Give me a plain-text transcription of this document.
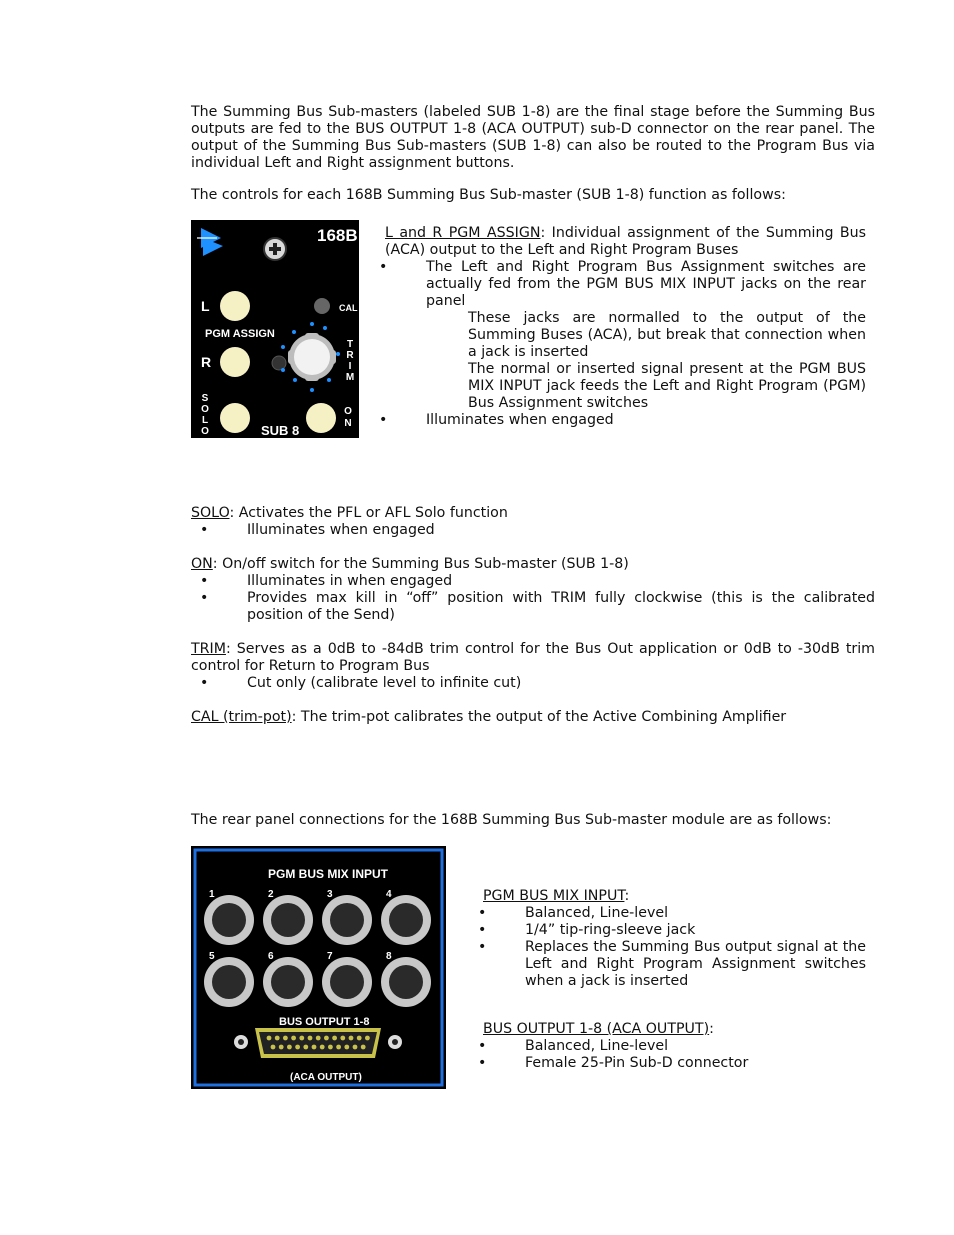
The Summing Bus Sub-masters (labeled SUB 1-8) are the final stage before the Summing Bus outputs are fed to the BUS OUTPUT 1-8 (ACA OUTPUT) sub-D connector on the rear panel. The output of the Summing Bus Sub-masters (SUB 1-8) can also be routed to the Program Bus via individual Left and Right assignment buttons.

The controls for each 168B Summing Bus Sub-master (SUB 1-8) function as follows:

168B
L
R
PGM ASSIGN
CAL
T
R
I
M
S
O
L
O
O
N
SUB 8
L and R PGM ASSIGN: Individual assignment of the Summing Bus (ACA) output to the Left and Right Program Buses
• The Left and Right Program Bus Assignment switches are actually fed from the PGM BUS MIX INPUT jacks on the rear panel
These jacks are normalled to the output of the Summing Buses (ACA), but break that connection when a jack is inserted
The normal or inserted signal present at the PGM BUS MIX INPUT jack feeds the Left and Right Program (PGM) Bus Assignment switches
• Illuminates when engaged
SOLO: Activates the PFL or AFL Solo function
• Illuminates when engaged
ON: On/off switch for the Summing Bus Sub-master (SUB 1-8)
• Illuminates in when engaged
• Provides max kill in “off” position with TRIM fully clockwise (this is the calibrated position of the Send)
TRIM: Serves as a 0dB to -84dB trim control for the Bus Out application or 0dB to -30dB trim control for Return to Program Bus
• Cut only (calibrate level to infinite cut)
CAL (trim-pot): The trim-pot calibrates the output of the Active Combining Amplifier

The rear panel connections for the 168B Summing Bus Sub-master module are as follows:

PGM BUS MIX INPUT
1	2	3	4
5	6	7	8
BUS OUTPUT 1-8
(ACA OUTPUT)
PGM BUS MIX INPUT:
• Balanced, Line-level
• 1/4” tip-ring-sleeve jack
• Replaces the Summing Bus output signal at the Left and Right Program Assignment switches when a jack is inserted
BUS OUTPUT 1-8 (ACA OUTPUT):
• Balanced, Line-level
• Female 25-Pin Sub-D connector
